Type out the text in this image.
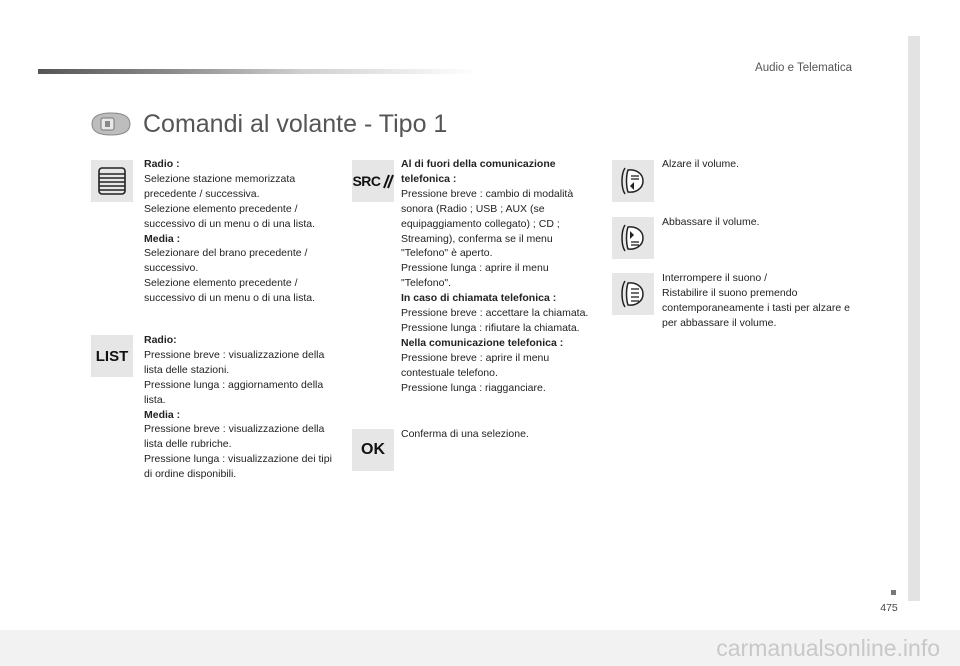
Audio e Telematica
Comandi al volante - Tipo 1
LIST
SRC
OK
Radio :
Selezione stazione memorizzata precedente / successiva.
Selezione elemento precedente / successivo di un menu o di una lista.
Media :
Selezionare del brano precedente / successivo.
Selezione elemento precedente / successivo di un menu o di una lista.
Radio:
Pressione breve : visualizzazione della lista delle stazioni.
Pressione lunga : aggiornamento della lista.
Media :
Pressione breve : visualizzazione della lista delle rubriche.
Pressione lunga : visualizzazione dei tipi di ordine disponibili.
Al di fuori della comunicazione telefonica :
Pressione breve : cambio di modalità sonora (Radio ; USB ; AUX (se equipaggiamento collegato) ; CD ; Streaming), conferma se il menu "Telefono" è aperto.
Pressione lunga : aprire il menu "Telefono".
In caso di chiamata telefonica :
Pressione breve : accettare la chiamata.
Pressione lunga : rifiutare la chiamata.
Nella comunicazione telefonica :
Pressione breve : aprire il menu contestuale telefono.
Pressione lunga : riagganciare.
Conferma di una selezione.
Alzare il volume.
Abbassare il volume.
Interrompere il suono /
Ristabilire il suono premendo contemporaneamente i tasti per alzare e per abbassare il volume.
475
carmanualsonline.info
